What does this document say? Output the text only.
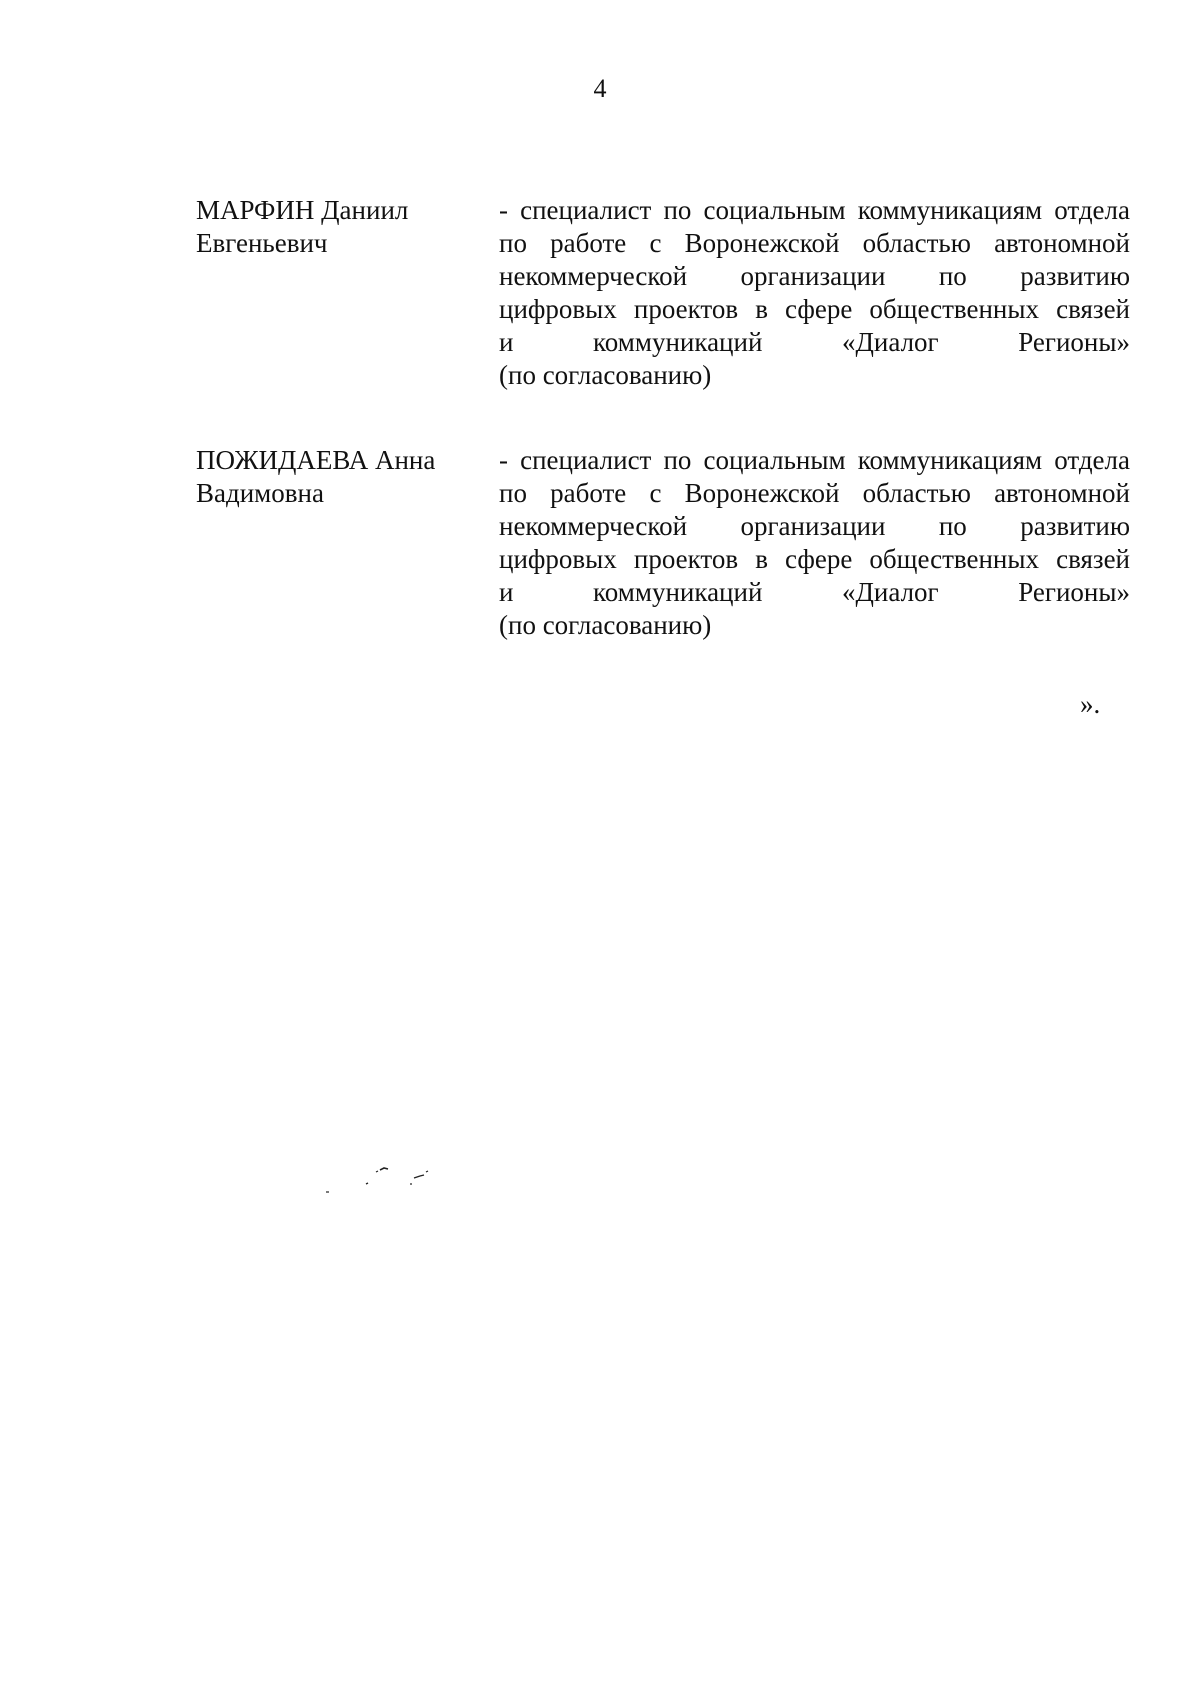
4
МАРФИН Даниил
Евгеньевич
- специалист по социальным коммуникациям отдела
по работе с Воронежской областью автономной
некоммерческой организации по развитию
цифровых проектов в сфере общественных связей
и коммуникаций «Диалог Регионы»
(по согласованию)
ПОЖИДАЕВА Анна
Вадимовна
- специалист по социальным коммуникациям отдела
по работе с Воронежской областью автономной
некоммерческой организации по развитию
цифровых проектов в сфере общественных связей
и коммуникаций «Диалог Регионы»
(по согласованию)
».
